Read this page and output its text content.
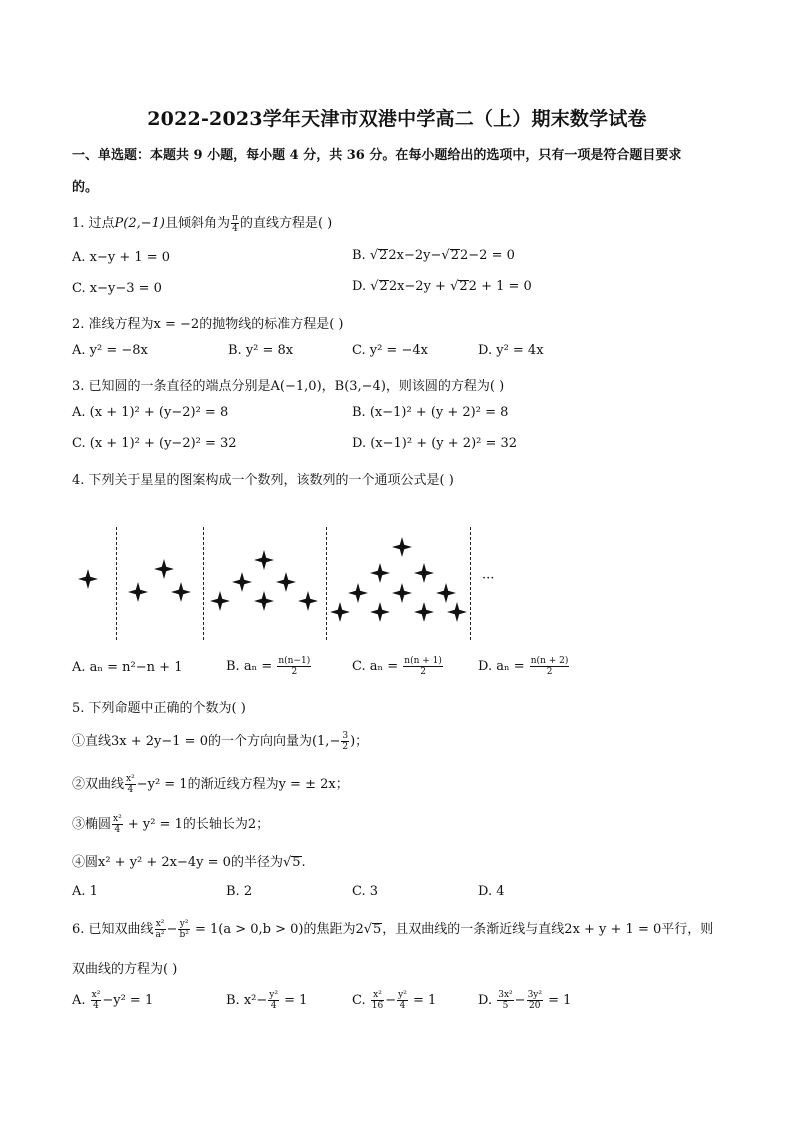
2022-2023学年天津市双港中学高二（上）期末数学试卷
一、单选题：本题共 9 小题，每小题 4 分，共 36 分。在每小题给出的选项中，只有一项是符合题目要求
的。
1. 过点P(2,−1)且倾斜角为 $\frac{\pi}{4}$ 的直线方程是( )
A. x−y + 1 = 0	B. √22x−2y−√22−2 = 0
C. x−y−3 = 0	D. √22x−2y + √22 + 1 = 0
2. 准线方程为x = −2的抛物线的标准方程是( )
A. y² = −8x	B. y² = 8x	C. y² = −4x	D. y² = 4x
3. 已知圆的一条直径的端点分别是A(−1,0)，B(3,−4)，则该圆的方程为( )
A. (x + 1)² + (y−2)² = 8	B. (x−1)² + (y + 2)² = 8
C. (x + 1)² + (y−2)² = 32	D. (x−1)² + (y + 2)² = 32
4. 下列关于星星的图案构成一个数列，该数列的一个通项公式是( )
···
A. aₙ = n²−n + 1	B. $a_n = \frac{n(n-1)}{2}$	C. $a_n = \frac{n(n + 1)}{2}$	D. $a_n = \frac{n(n + 2)}{2}$
5. 下列命题中正确的个数为( )
①直线3x + 2y−1 = 0的一个方向向量为($1,- \frac{3}{2}$ )；
②双曲线 $\frac{\text{x²}}{4} -y^2 = 1$的渐近线方程为y = ± 2x；
③椭圆 $\frac{\text{x²}}{4} + y^2 = 1$的长轴长为2；
④圆x² + y² + 2x−4y = 0的半径为√5.
A. 1	B. 2	C. 3	D. 4
6. 已知双曲线 $\frac{\text{x²}}{\text{a²}} - \frac{\text{y²}}{\text{b²}} = 1(a > 0,b > 0)$的焦距为2√5，且双曲线的一条渐近线与直线2x + y + 1 = 0平行，则
双曲线的方程为( )
A. $\frac{\text{x²}}{4} -y^2 = 1$	B. $x^2- \frac{\text{y²}}{4} = 1$	C. $\frac{\text{x²}}{16} - \frac{\text{y²}}{4} = 1$	D. $\frac{\text{3x²}}{5} - \frac{\text{3y²}}{20} = 1$
